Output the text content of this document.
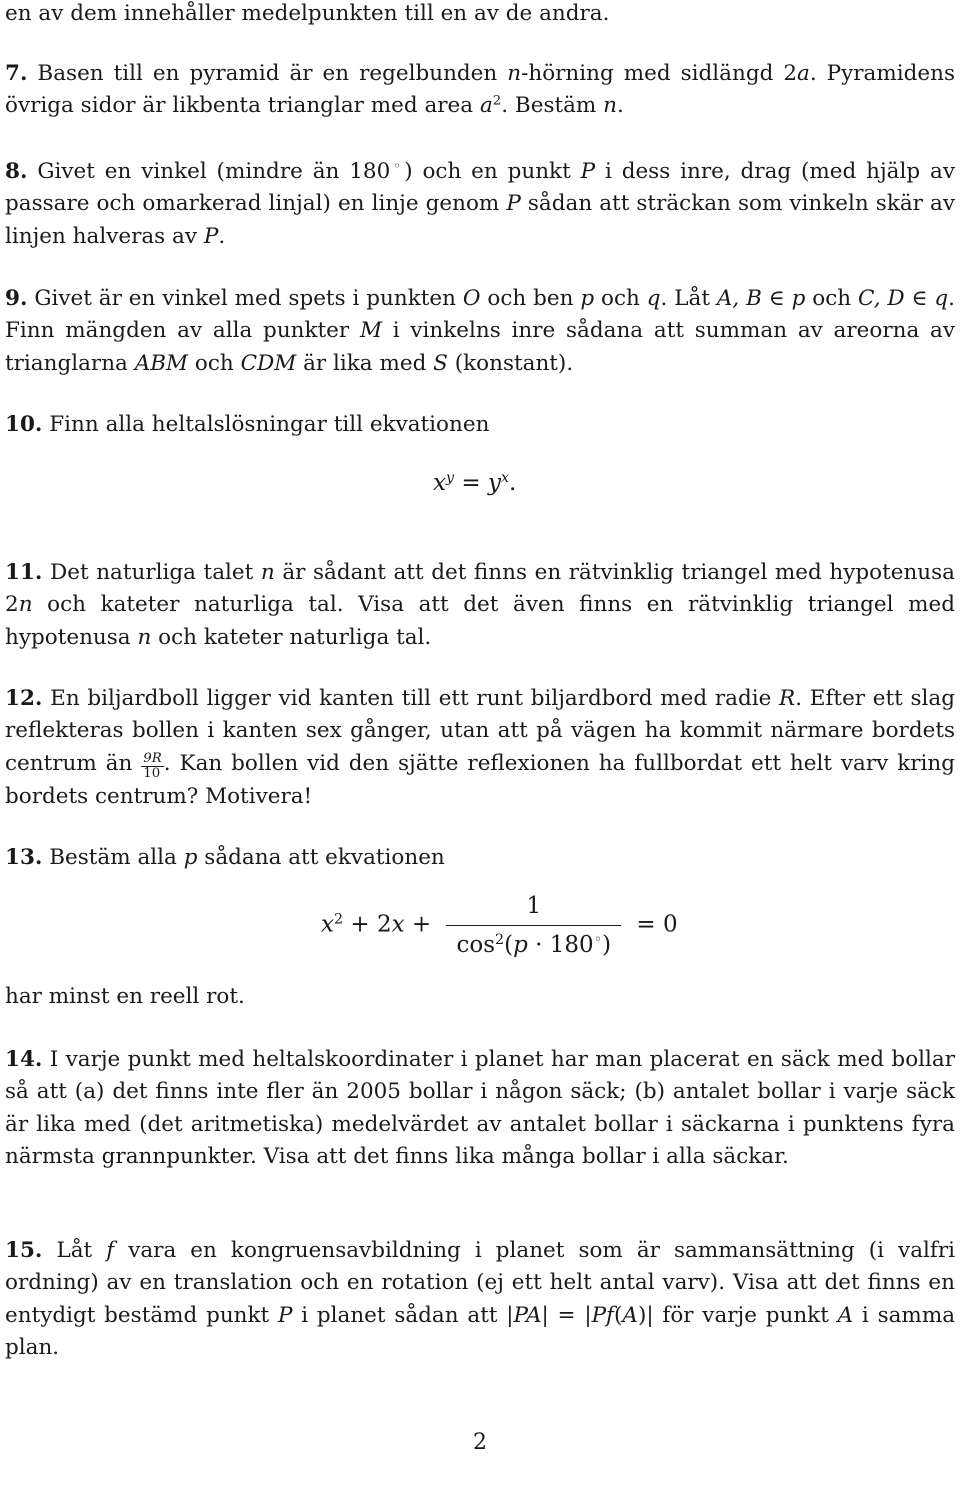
en av dem innehåller medelpunkten till en av de andra.
7. Basen till en pyramid är en regelbunden n-hörning med sidlängd 2a. Pyramidens övriga sidor är likbenta trianglar med area $a^2$. Bestäm n.
8. Givet en vinkel (mindre än 180◦) och en punkt P i dess inre, drag (med hjälp av passare och omarkerad linjal) en linje genom P sådan att sträckan som vinkeln skär av linjen halveras av P.
9. Givet är en vinkel med spets i punkten O och ben p och q. Låt A, B ∈ p och C, D ∈ q. Finn mängden av alla punkter M i vinkelns inre sådana att summan av areorna av trianglarna ABM och CDM är lika med S (konstant).
10. Finn alla heltalslösningar till ekvationen
$x^y = y^x$.
11. Det naturliga talet n är sådant att det finns en rätvinklig triangel med hypotenusa 2n och kateter naturliga tal. Visa att det även finns en rätvinklig triangel med hypotenusa n och kateter naturliga tal.
12. En biljardboll ligger vid kanten till ett runt biljardbord med radie R. Efter ett slag reflekteras bollen i kanten sex gånger, utan att på vägen ha kommit närmare bordets centrum än $\frac{9R}{10}$ . Kan bollen vid den sjätte reflexionen ha fullbordat ett helt varv kring bordets centrum? Motivera!
13. Bestäm alla p sådana att ekvationen
$x^2 + 2x + \frac{1}{\cos^2(p \cdot 180^◦)} = 0$
har minst en reell rot.
14. I varje punkt med heltalskoordinater i planet har man placerat en säck med bollar så att (a) det finns inte fler än 2005 bollar i någon säck; (b) antalet bollar i varje säck är lika med (det aritmetiska) medelvärdet av antalet bollar i säckarna i punktens fyra närmsta grannpunkter. Visa att det finns lika många bollar i alla säckar.
15. Låt f vara en kongruensavbildning i planet som är sammansättning (i valfri ordning) av en translation och en rotation (ej ett helt antal varv). Visa att det finns en entydigt bestämd punkt P i planet sådan att |PA| = |Pf(A)| för varje punkt A i samma plan.
2
